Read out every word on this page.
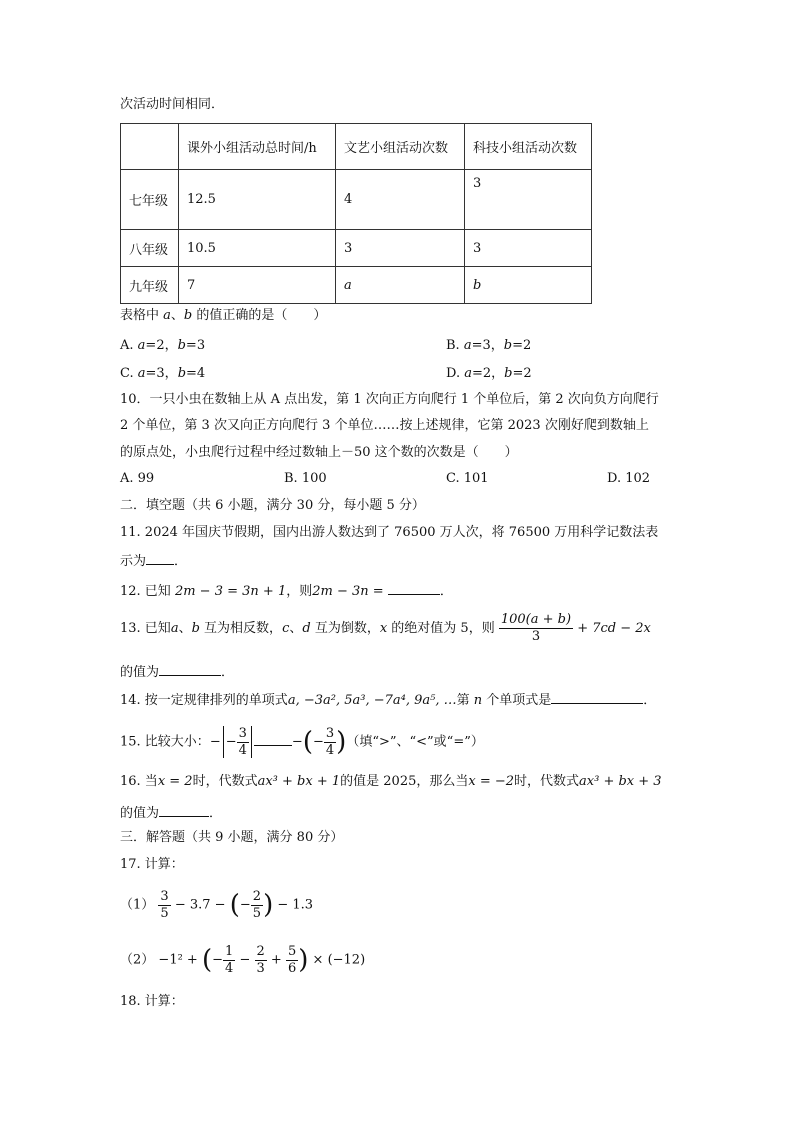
次活动时间相同．
	课外小组活动总时间/h	文艺小组活动次数	科技小组活动次数
七年级	12.5	4	3
八年级	10.5	3	3
九年级	7	a	b
表格中 a、b 的值正确的是（　　）
A. a=2，b=3	B. a=3，b=2
C. a=3，b=4	D. a=2，b=2
10．一只小虫在数轴上从 A 点出发，第 1 次向正方向爬行 1 个单位后，第 2 次向负方向爬行
2 个单位，第 3 次又向正方向爬行 3 个单位……按上述规律，它第 2023 次刚好爬到数轴上
的原点处，小虫爬行过程中经过数轴上－50 这个数的次数是（　　）
A. 99	B. 100	C. 101	D. 102
二．填空题（共 6 小题，满分 30 分，每小题 5 分）
11. 2024 年国庆节假期，国内出游人数达到了 76500 万人次，将 76500 万用科学记数法表
示为 ．
12. 已知 2m − 3 = 3n + 1，则2m − 3n =	．
13. 已知a、b 互为相反数，c、d 互为倒数，x 的绝对值为 5，则 $\frac{100(a + b)}{3} + 7cd - 2x$
的值为	．
14. 按一定规律排列的单项式a, −3a², 5a³, −7a⁴, 9a⁵, …第 n 个单项式是	．
15. 比较大小：− − $\frac{3}{4}$	−(− $\frac{3}{4}$ )（填“>”、“<”或“=”）
16. 当x = 2时，代数式ax³ + bx + 1的值是 2025，那么当x = −2时，代数式ax³ + bx + 3
的值为	．
三．解答题（共 9 小题，满分 80 分）
17. 计算：
$(1) \frac{3}{5} - 3.7$ − (− $\frac{2}{5}$ ) − 1.3
（2） −1² + (− $\frac{1}{4} - \frac{2}{3} + \frac{5}{6}$ ) × (−12)
18. 计算：
